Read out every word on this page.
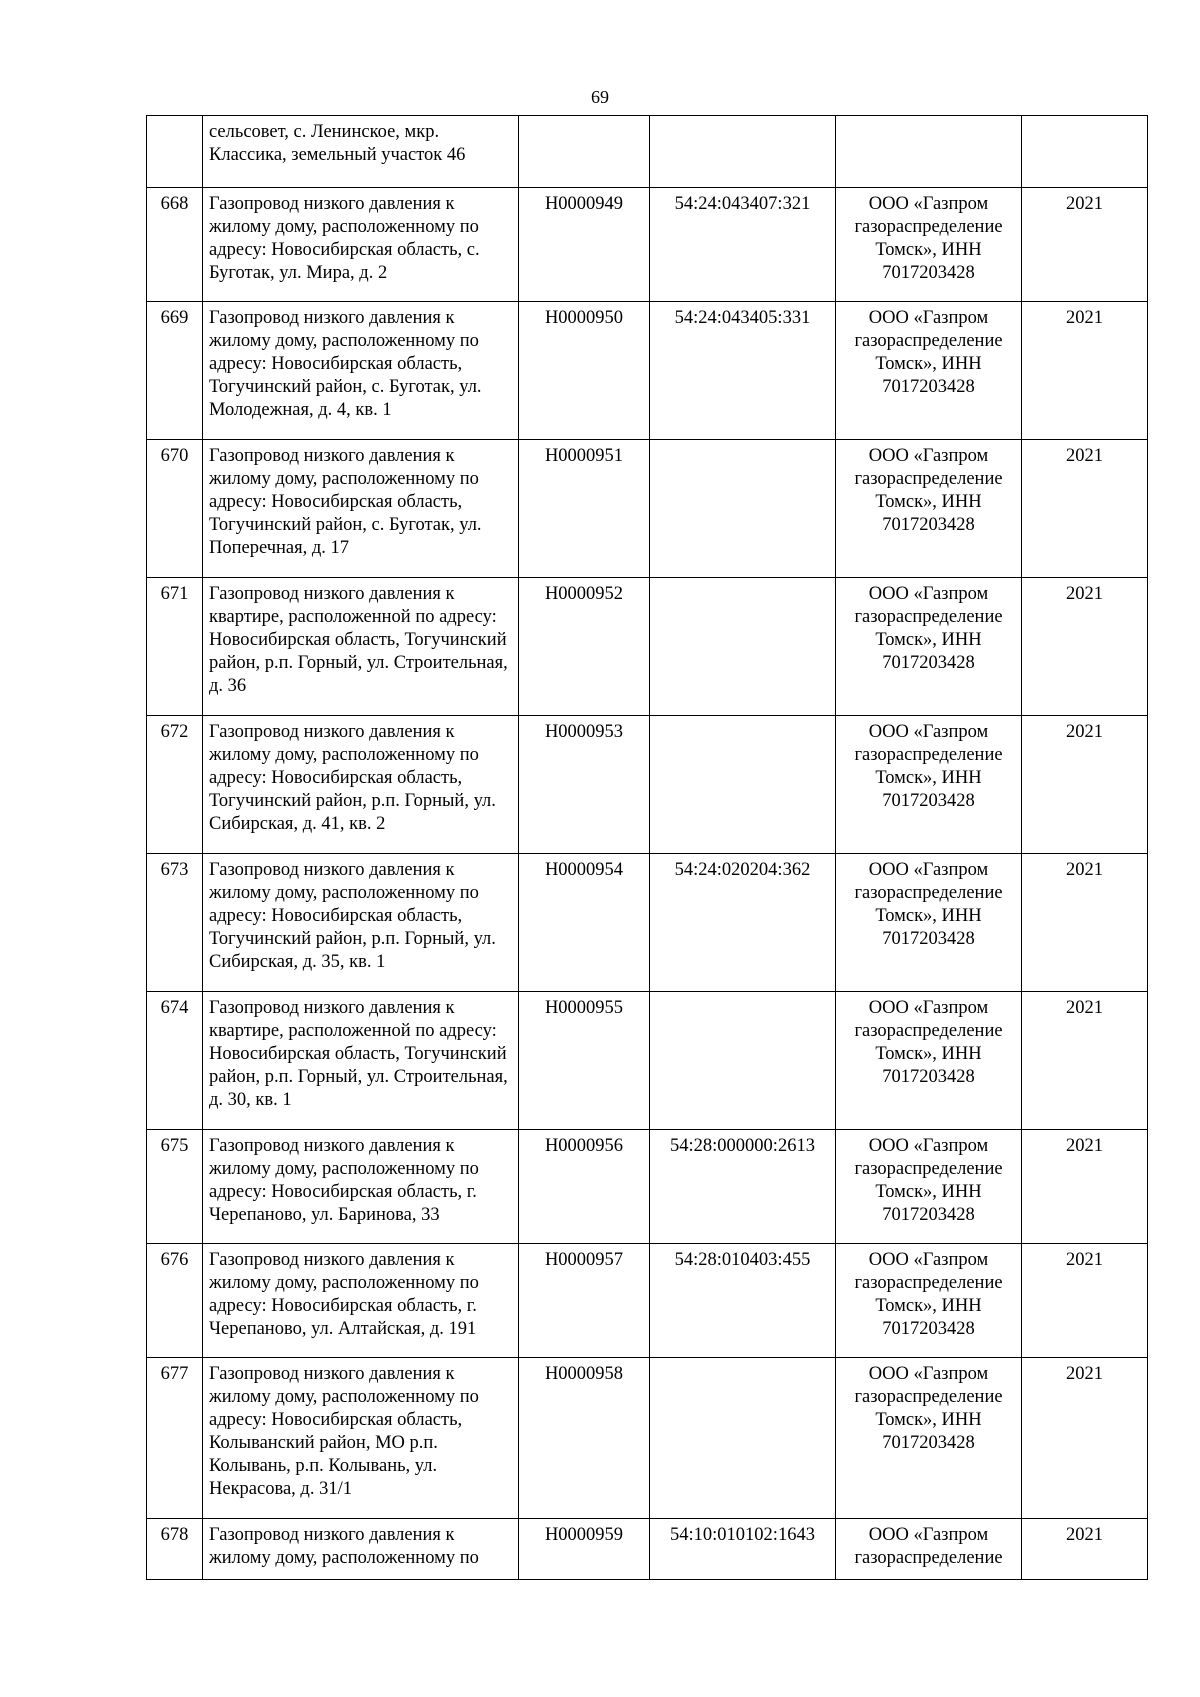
69
	сельсовет, с. Ленинское, мкр. Классика, земельный участок 46				
668	Газопровод низкого давления к жилому дому, расположенному по адресу: Новосибирская область, с. Буготак, ул. Мира, д. 2	Н0000949	54:24:043407:321	ООО «Газпром газораспределение Томск», ИНН 7017203428	2021
669	Газопровод низкого давления к жилому дому, расположенному по адресу: Новосибирская область, Тогучинский район, с. Буготак, ул. Молодежная, д. 4, кв. 1	Н0000950	54:24:043405:331	ООО «Газпром газораспределение Томск», ИНН 7017203428	2021
670	Газопровод низкого давления к жилому дому, расположенному по адресу: Новосибирская область, Тогучинский район, с. Буготак, ул. Поперечная, д. 17	Н0000951		ООО «Газпром газораспределение Томск», ИНН 7017203428	2021
671	Газопровод низкого давления к квартире, расположенной по адресу: Новосибирская область, Тогучинский район, р.п. Горный, ул. Строительная, д. 36	Н0000952		ООО «Газпром газораспределение Томск», ИНН 7017203428	2021
672	Газопровод низкого давления к жилому дому, расположенному по адресу: Новосибирская область, Тогучинский район, р.п. Горный, ул. Сибирская, д. 41, кв. 2	Н0000953		ООО «Газпром газораспределение Томск», ИНН 7017203428	2021
673	Газопровод низкого давления к жилому дому, расположенному по адресу: Новосибирская область, Тогучинский район, р.п. Горный, ул. Сибирская, д. 35, кв. 1	Н0000954	54:24:020204:362	ООО «Газпром газораспределение Томск», ИНН 7017203428	2021
674	Газопровод низкого давления к квартире, расположенной по адресу: Новосибирская область, Тогучинский район, р.п. Горный, ул. Строительная, д. 30, кв. 1	Н0000955		ООО «Газпром газораспределение Томск», ИНН 7017203428	2021
675	Газопровод низкого давления к жилому дому, расположенному по адресу: Новосибирская область, г. Черепаново, ул. Баринова, 33	Н0000956	54:28:000000:2613	ООО «Газпром газораспределение Томск», ИНН 7017203428	2021
676	Газопровод низкого давления к жилому дому, расположенному по адресу: Новосибирская область, г. Черепаново, ул. Алтайская, д. 191	Н0000957	54:28:010403:455	ООО «Газпром газораспределение Томск», ИНН 7017203428	2021
677	Газопровод низкого давления к жилому дому, расположенному по адресу: Новосибирская область, Колыванский район, МО р.п. Колывань, р.п. Колывань, ул. Некрасова, д. 31/1	Н0000958		ООО «Газпром газораспределение Томск», ИНН 7017203428	2021
678	Газопровод низкого давления к жилому дому, расположенному по	Н0000959	54:10:010102:1643	ООО «Газпром газораспределение	2021
